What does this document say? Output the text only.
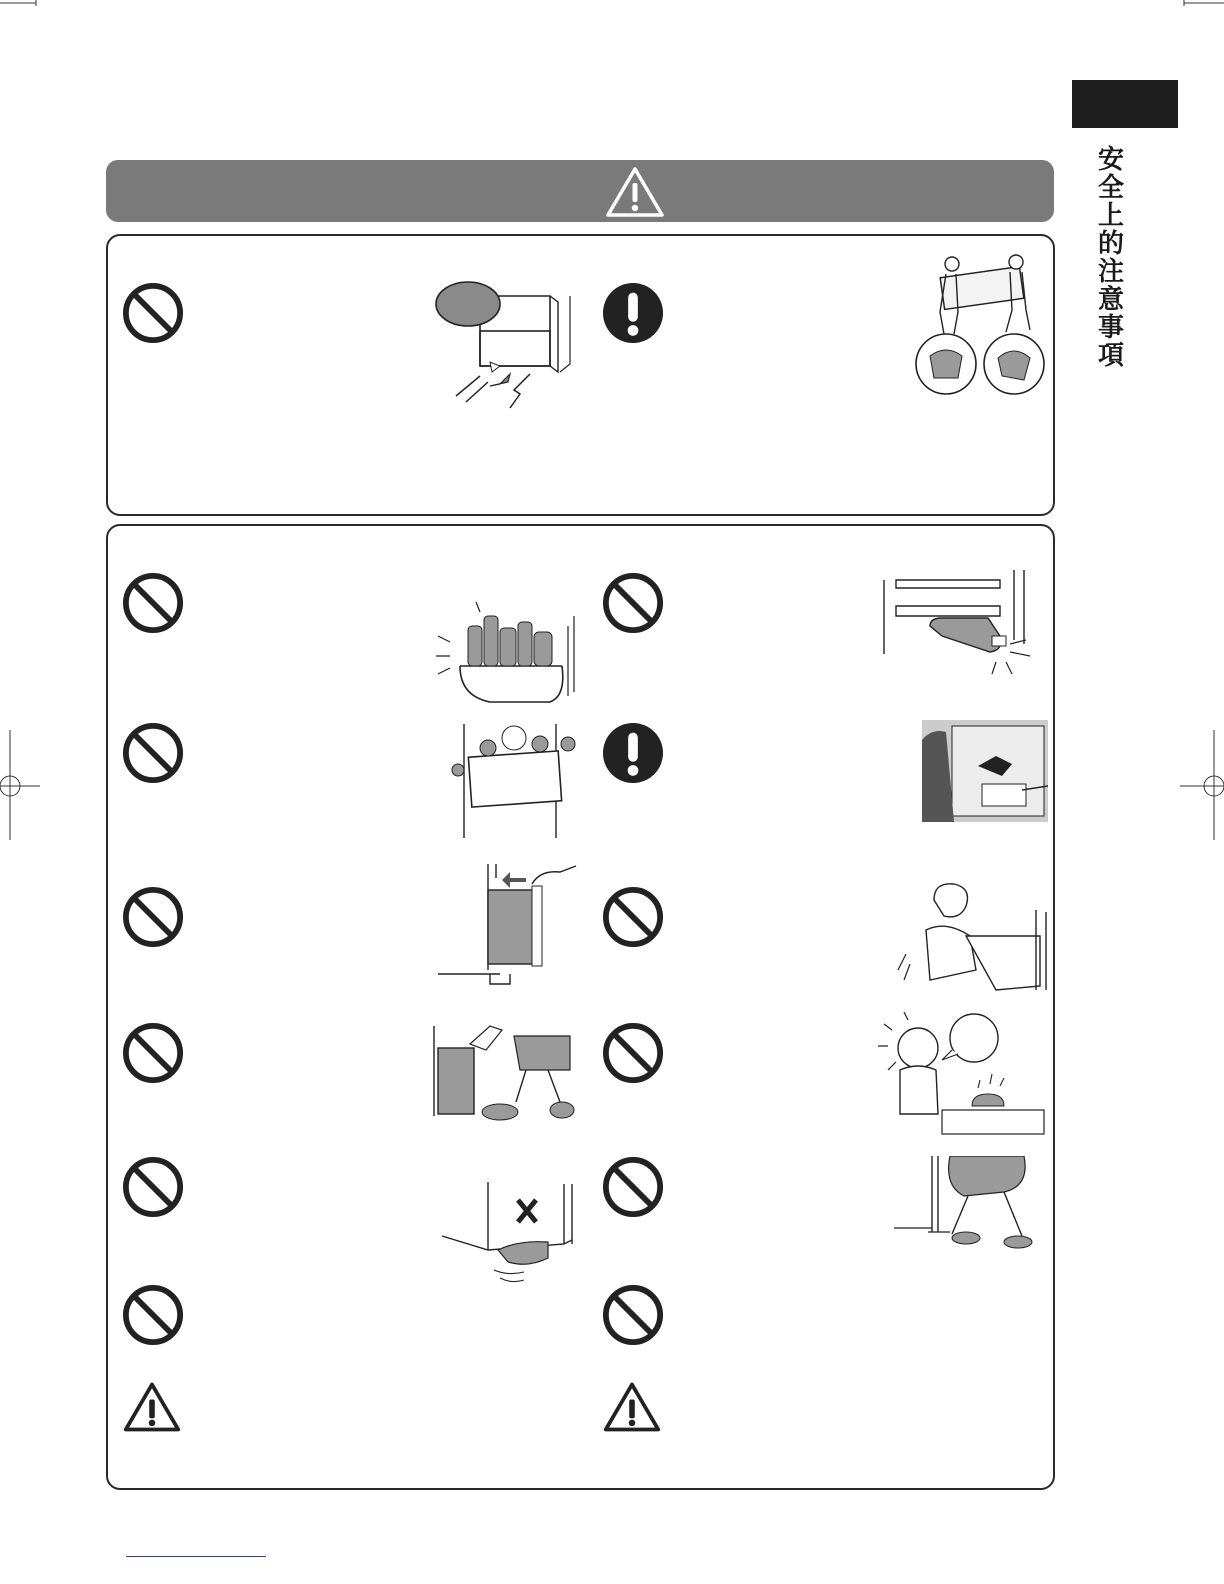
安
全
上
的
注
意
事
項
